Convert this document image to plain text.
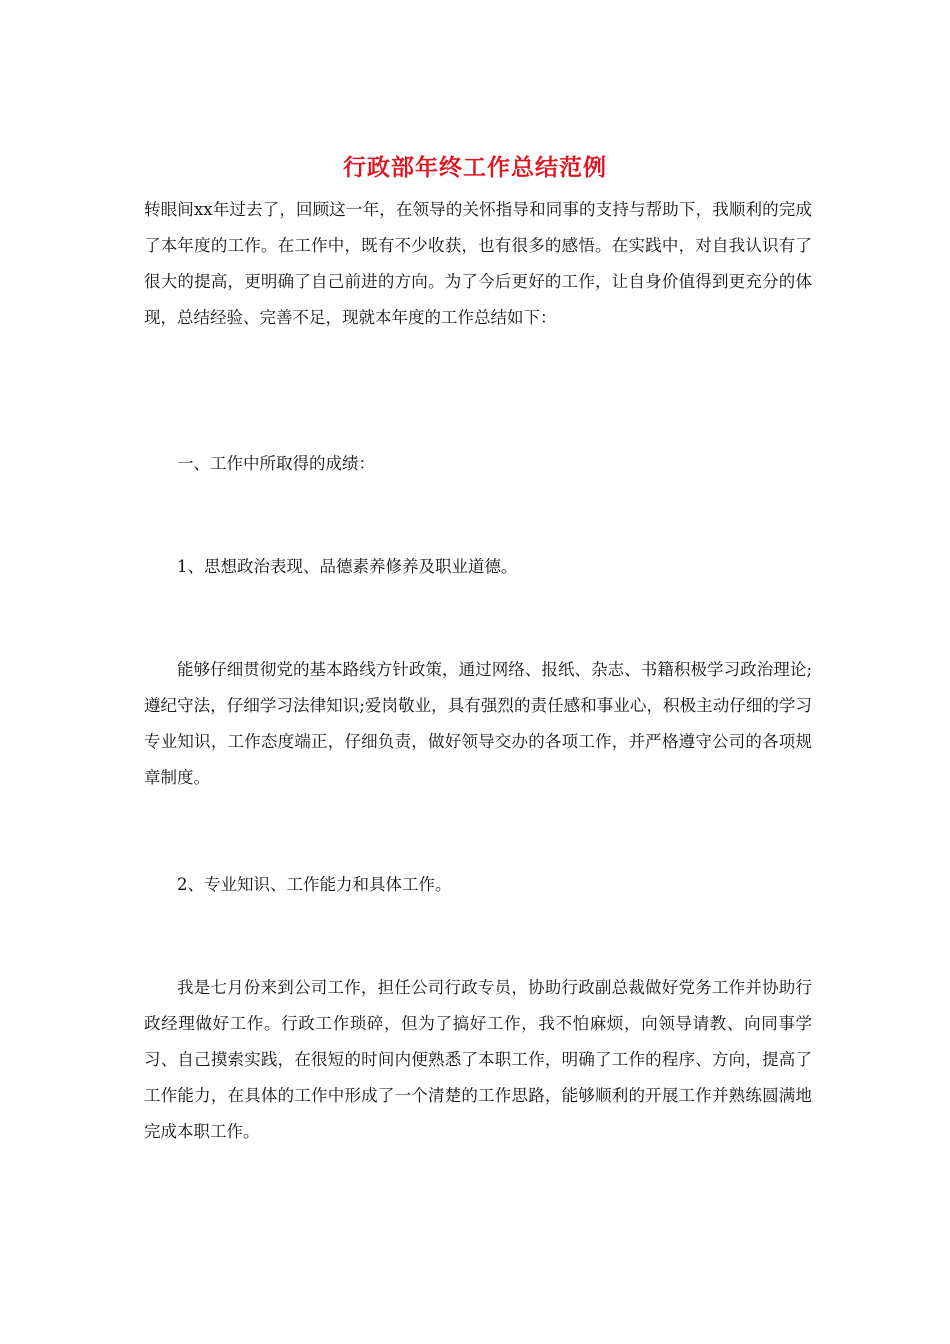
行政部年终工作总结范例

转眼间xx年过去了，回顾这一年，在领导的关怀指导和同事的支持与帮助下，我顺利的完成了本年度的工作。在工作中，既有不少收获，也有很多的感悟。在实践中，对自我认识有了很大的提高，更明确了自己前进的方向。为了今后更好的工作，让自身价值得到更充分的体现，总结经验、完善不足，现就本年度的工作总结如下：

一、工作中所取得的成绩：

1、思想政治表现、品德素养修养及职业道德。

能够仔细贯彻党的基本路线方针政策，通过网络、报纸、杂志、书籍积极学习政治理论;遵纪守法，仔细学习法律知识;爱岗敬业，具有强烈的责任感和事业心，积极主动仔细的学习专业知识，工作态度端正，仔细负责，做好领导交办的各项工作，并严格遵守公司的各项规章制度。

2、专业知识、工作能力和具体工作。

我是七月份来到公司工作，担任公司行政专员，协助行政副总裁做好党务工作并协助行政经理做好工作。行政工作琐碎，但为了搞好工作，我不怕麻烦，向领导请教、向同事学习、自己摸索实践，在很短的时间内便熟悉了本职工作，明确了工作的程序、方向，提高了工作能力，在具体的工作中形成了一个清楚的工作思路，能够顺利的开展工作并熟练圆满地完成本职工作。
